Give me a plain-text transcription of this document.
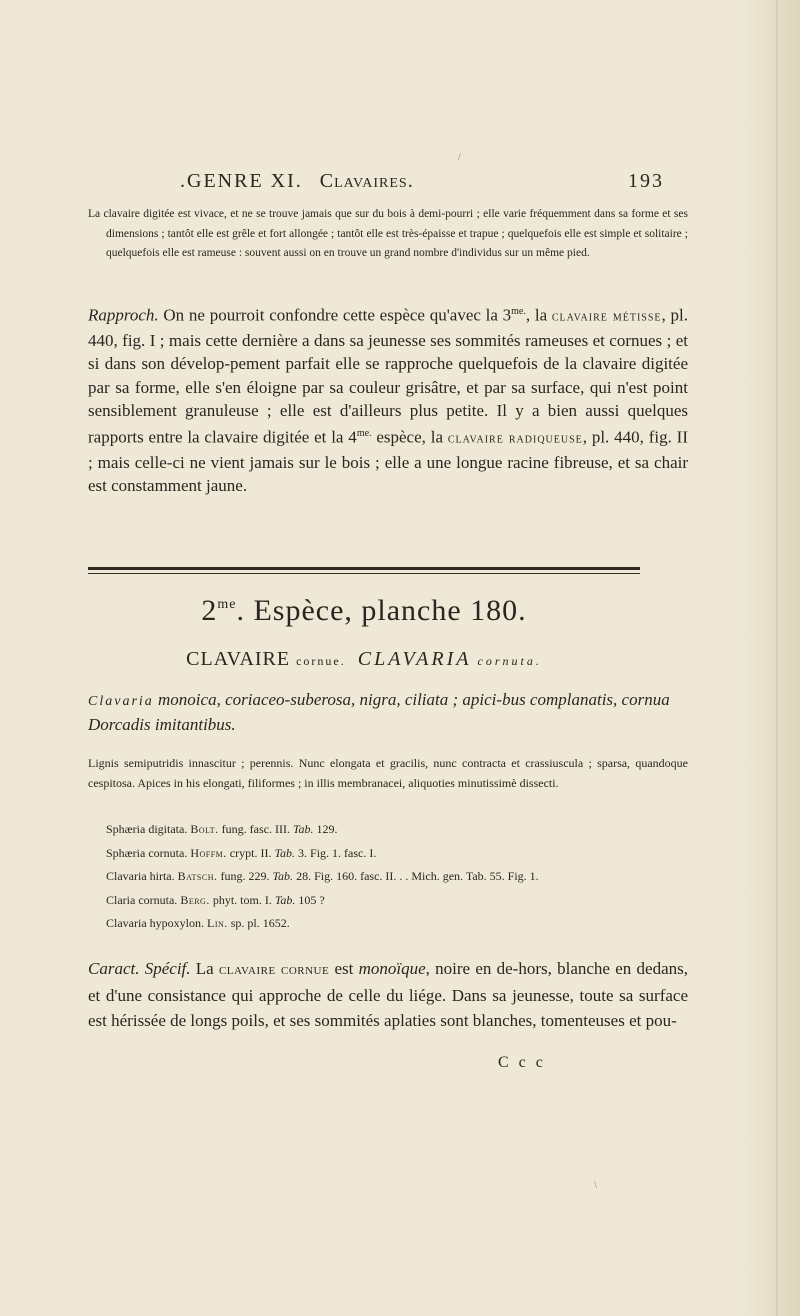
.GENRE XI. Clavaires.	193

La clavaire digitée est vivace, et ne se trouve jamais que sur du bois à demi-pourri ; elle varie fréquemment dans sa forme et ses dimensions ; tantôt elle est grêle et fort allongée ; tantôt elle est très-épaisse et trapue ; quelquefois elle est simple et solitaire ; quelquefois elle est rameuse : souvent aussi on en trouve un grand nombre d'individus sur un même pied.

Rapproch. On ne pourroit confondre cette espèce qu'avec la $3^{me.}$, la clavaire métisse, pl. 440, fig. I ; mais cette dernière a dans sa jeunesse ses sommités rameuses et cornues ; et si dans son dévelop-pement parfait elle se rapproche quelquefois de la clavaire digitée par sa forme, elle s'en éloigne par sa couleur grisâtre, et par sa surface, qui n'est point sensiblement granuleuse ; elle est d'ailleurs plus petite. Il y a bien aussi quelques rapports entre la clavaire digitée et la $4^{me.}$ espèce, la clavaire radiqueuse, pl. 440, fig. II ; mais celle-ci ne vient jamais sur le bois ; elle a une longue racine fibreuse, et sa chair est constamment jaune.
$2^{me}$. Espèce, planche 180.
CLAVAIRE cornue. CLAVARIA cornuta.
Clavaria monoica, coriaceo-suberosa, nigra, ciliata ; apici-bus complanatis, cornua Dorcadis imitantibus.
Lignis semiputridis innascitur ; perennis. Nunc elongata et gracilis, nunc contracta et crassiuscula ; sparsa, quandoque cespitosa. Apices in his elongati, filiformes ; in illis membranacei, aliquoties minutissimè dissecti.

Sphæria digitata. Bolt. fung. fasc. III. Tab. 129.

Sphæria cornuta. Hoffm. crypt. II. Tab. 3. Fig. 1. fasc. I.

Clavaria hirta. Batsch. fung. 229. Tab. 28. Fig. 160. fasc. II. . . Mich. gen. Tab. 55. Fig. 1.

Claria cornuta. Berg. phyt. tom. I. Tab. 105 ?

Clavaria hypoxylon. Lin. sp. pl. 1652.

Caract. Spécif. La clavaire cornue est monoïque, noire en de-hors, blanche en dedans, et d'une consistance qui approche de celle du liége. Dans sa jeunesse, toute sa surface est hérissée de longs poils, et ses sommités aplaties sont blanches, tomenteuses et pou-
C c c
\
/
